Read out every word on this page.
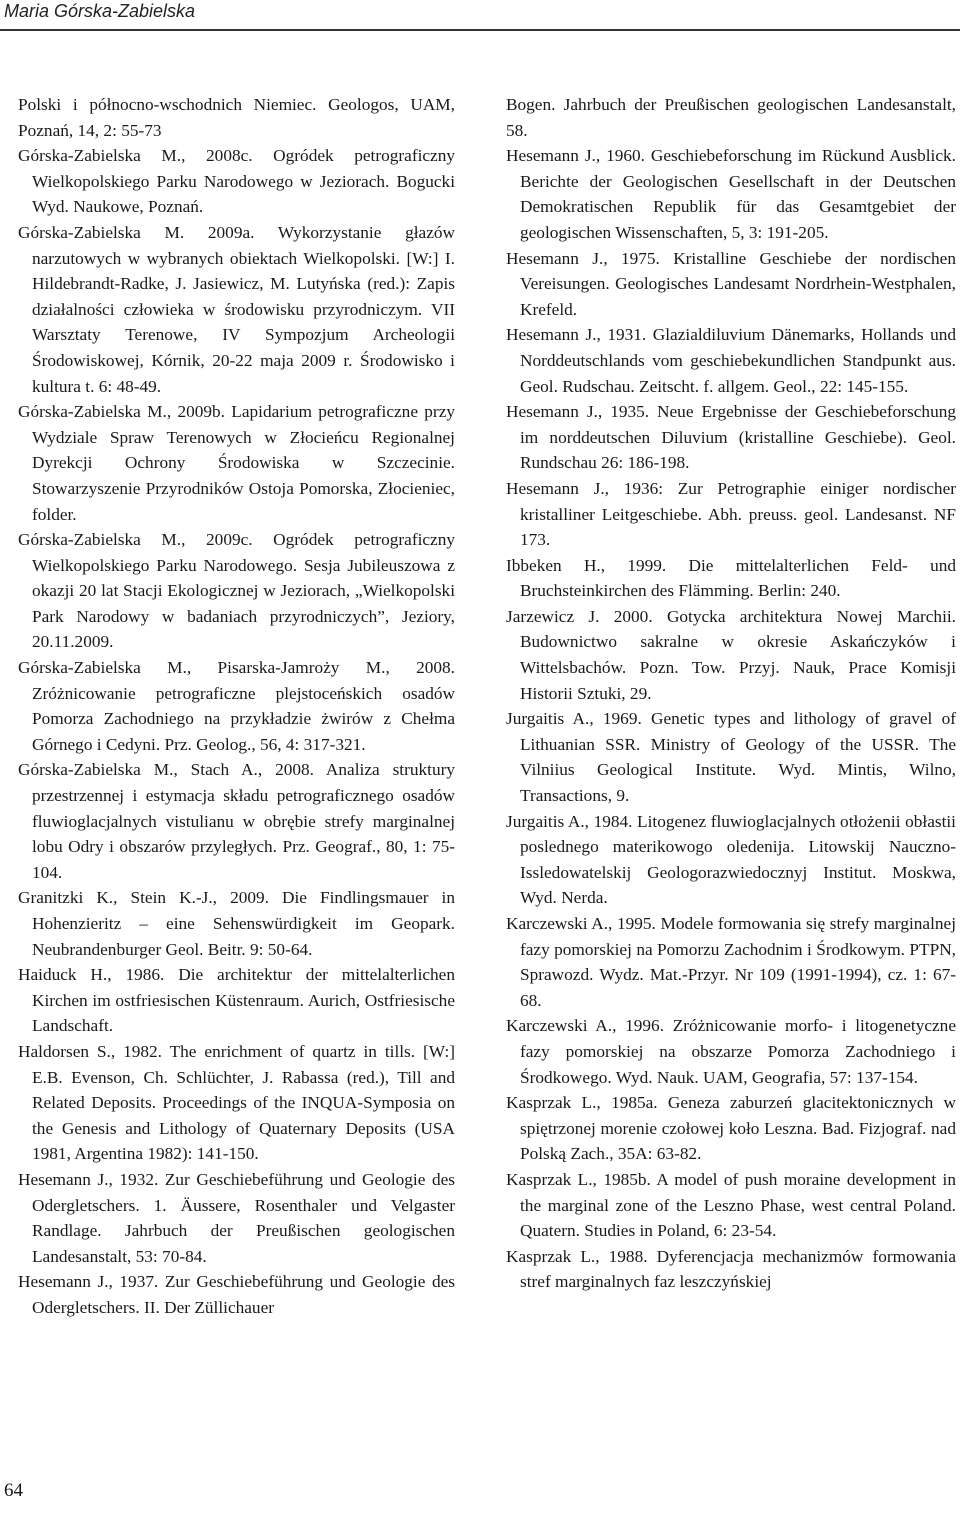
Maria Górska-Zabielska

Polski i północno-wschodnich Niemiec. Geologos, UAM, Poznań, 14, 2: 55-73

Górska-Zabielska M., 2008c. Ogródek petrograficzny Wielkopolskiego Parku Narodowego w Jeziorach. Bogucki Wyd. Naukowe, Poznań.

Górska-Zabielska M. 2009a. Wykorzystanie głazów narzutowych w wybranych obiektach Wielkopolski. [W:] I. Hildebrandt-Radke, J. Jasiewicz, M. Lutyńska (red.): Zapis działalności człowieka w środowisku przyrodniczym. VII Warsztaty Terenowe, IV Sympozjum Archeologii Środowiskowej, Kórnik, 20-22 maja 2009 r. Środowisko i kultura t. 6: 48-49.

Górska-Zabielska M., 2009b. Lapidarium petrograficzne przy Wydziale Spraw Terenowych w Złocieńcu Regionalnej Dyrekcji Ochrony Środowiska w Szczecinie. Stowarzyszenie Przyrodników Ostoja Pomorska, Złocieniec, folder.

Górska-Zabielska M., 2009c. Ogródek petrograficzny Wielkopolskiego Parku Narodowego. Sesja Jubileuszowa z okazji 20 lat Stacji Ekologicznej w Jeziorach, „Wielkopolski Park Narodowy w badaniach przyrodniczych”, Jeziory, 20.11.2009.

Górska-Zabielska M., Pisarska-Jamroży M., 2008. Zróżnicowanie petrograficzne plejstoceńskich osadów Pomorza Zachodniego na przykładzie żwirów z Chełma Górnego i Cedyni. Prz. Geolog., 56, 4: 317-321.

Górska-Zabielska M., Stach A., 2008. Analiza struktury przestrzennej i estymacja składu petrograficznego osadów fluwioglacjalnych vistulianu w obrębie strefy marginalnej lobu Odry i obszarów przyległych. Prz. Geograf., 80, 1: 75-104.

Granitzki K., Stein K.-J., 2009. Die Findlingsmauer in Hohenzieritz – eine Sehenswürdigkeit im Geopark. Neubrandenburger Geol. Beitr. 9: 50-64.

Haiduck H., 1986. Die architektur der mittelalterlichen Kirchen im ostfriesischen Küstenraum. Aurich, Ostfriesische Landschaft.

Haldorsen S., 1982. The enrichment of quartz in tills. [W:] E.B. Evenson, Ch. Schlüchter, J. Rabassa (red.), Till and Related Deposits. Proceedings of the INQUA-Symposia on the Genesis and Lithology of Quaternary Deposits (USA 1981, Argentina 1982): 141-150.

Hesemann J., 1932. Zur Geschiebeführung und Geologie des Odergletschers. 1. Äussere, Rosenthaler und Velgaster Randlage. Jahrbuch der Preußischen geologischen Landesanstalt, 53: 70-84.

Hesemann J., 1937. Zur Geschiebeführung und Geologie des Odergletschers. II. Der Züllichauer

Bogen. Jahrbuch der Preußischen geologischen Landesanstalt, 58.

Hesemann J., 1960. Geschiebeforschung im Rückund Ausblick. Berichte der Geologischen Gesellschaft in der Deutschen Demokratischen Republik für das Gesamtgebiet der geologischen Wissenschaften, 5, 3: 191-205.

Hesemann J., 1975. Kristalline Geschiebe der nordischen Vereisungen. Geologisches Landesamt Nordrhein-Westphalen, Krefeld.

Hesemann J., 1931. Glazialdiluvium Dänemarks, Hollands und Norddeutschlands vom geschiebekundlichen Standpunkt aus. Geol. Rudschau. Zeitscht. f. allgem. Geol., 22: 145-155.

Hesemann J., 1935. Neue Ergebnisse der Geschiebeforschung im norddeutschen Diluvium (kristalline Geschiebe). Geol. Rundschau 26: 186-198.

Hesemann J., 1936: Zur Petrographie einiger nordischer kristalliner Leitgeschiebe. Abh. preuss. geol. Landesanst. NF 173.

Ibbeken H., 1999. Die mittelalterlichen Feld- und Bruchsteinkirchen des Flämming. Berlin: 240.

Jarzewicz J. 2000. Gotycka architektura Nowej Marchii. Budownictwo sakralne w okresie Askańczyków i Wittelsbachów. Pozn. Tow. Przyj. Nauk, Prace Komisji Historii Sztuki, 29.

Jurgaitis A., 1969. Genetic types and lithology of gravel of Lithuanian SSR. Ministry of Geology of the USSR. The Vilniius Geological Institute. Wyd. Mintis, Wilno, Transactions, 9.

Jurgaitis A., 1984. Litogenez fluwioglacjalnych otłożenii obłastii poslednego materikowogo oledenija. Litowskij Nauczno-Issledowatelskij Geologorazwiedocznyj Institut. Moskwa, Wyd. Nerda.

Karczewski A., 1995. Modele formowania się strefy marginalnej fazy pomorskiej na Pomorzu Zachodnim i Środkowym. PTPN, Sprawozd. Wydz. Mat.-Przyr. Nr 109 (1991-1994), cz. 1: 67-68.

Karczewski A., 1996. Zróżnicowanie morfo- i litogenetyczne fazy pomorskiej na obszarze Pomorza Zachodniego i Środkowego. Wyd. Nauk. UAM, Geografia, 57: 137-154.

Kasprzak L., 1985a. Geneza zaburzeń glacitektonicznych w spiętrzonej morenie czołowej koło Leszna. Bad. Fizjograf. nad Polską Zach., 35A: 63-82.

Kasprzak L., 1985b. A model of push moraine development in the marginal zone of the Leszno Phase, west central Poland. Quatern. Studies in Poland, 6: 23-54.

Kasprzak L., 1988. Dyferencjacja mechanizmów formowania stref marginalnych faz leszczyńskiej

64
